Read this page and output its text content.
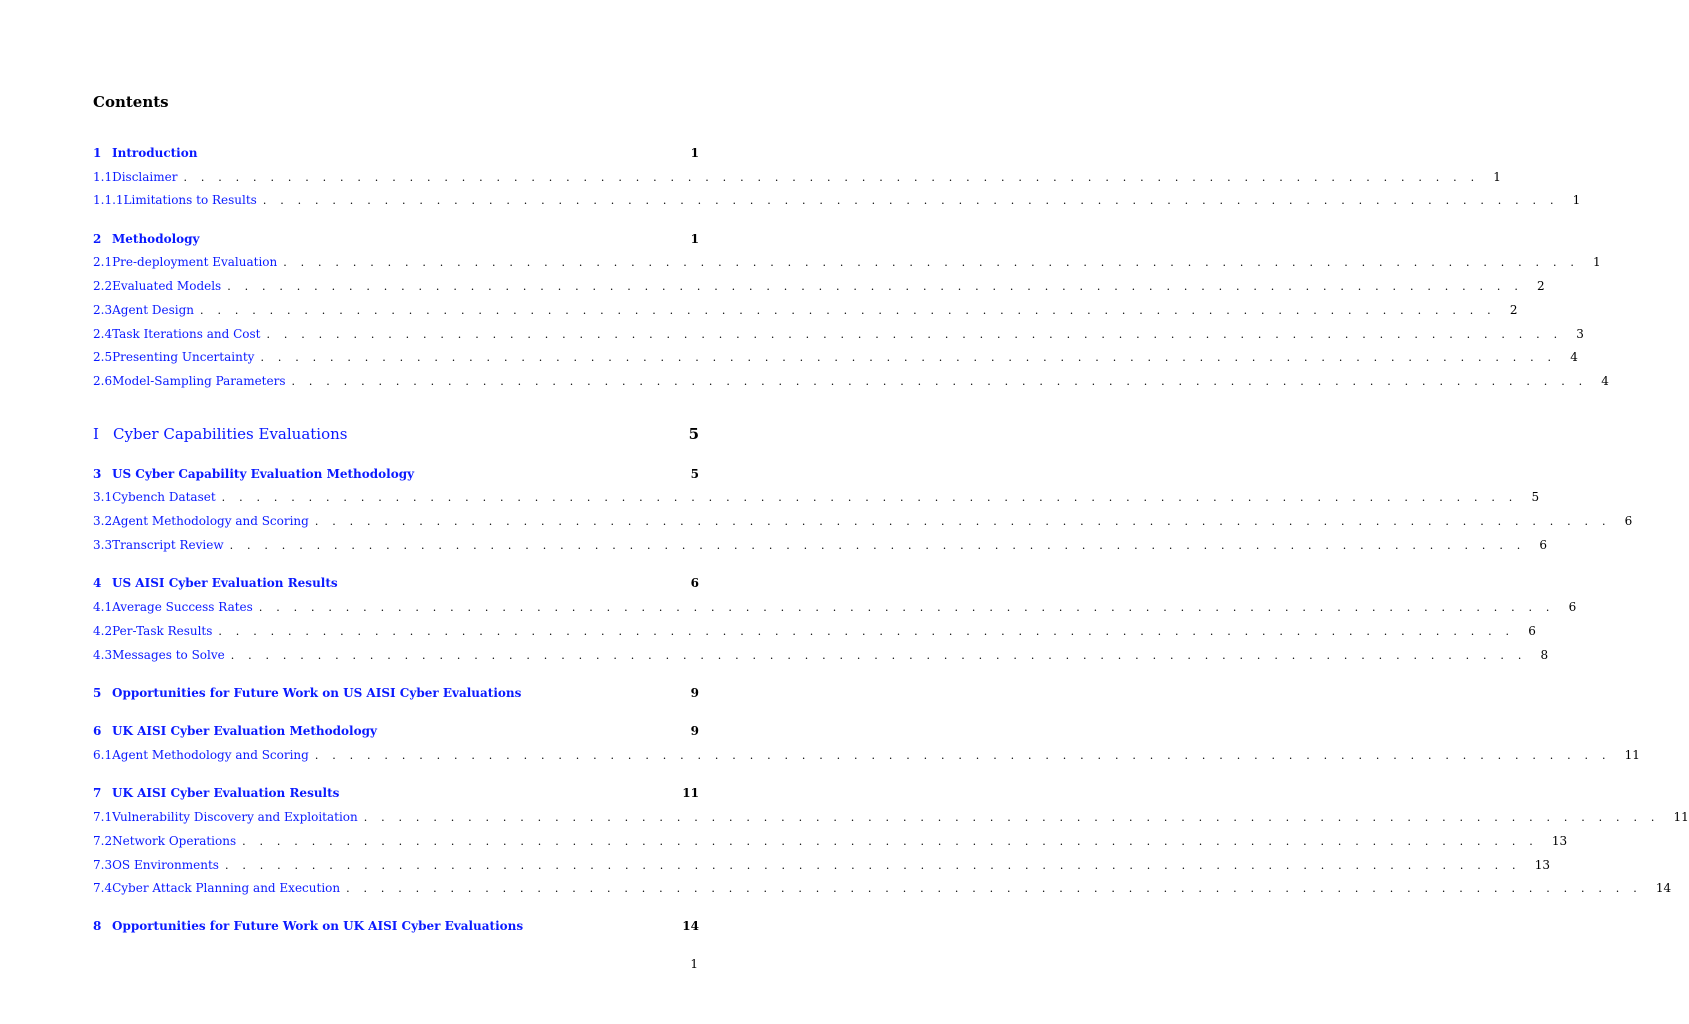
Contents
1 Introduction	1
1.1 Disclaimer . . . . . . . . . . . . . . . . . . . . . . . . . . . . . . . . . . . . . . . . . . . . . . . . . . . . . . . . . . . . . . . . . . . . . . . . . . . 1
1.1.1 Limitations to Results . . . . . . . . . . . . . . . . . . . . . . . . . . . . . . . . . . . . . . . . . . . . . . . . . . . . . . . . . . . . . . . . . . . . . . . . . . . 1
2 Methodology	1
2.1 Pre-deployment Evaluation . . . . . . . . . . . . . . . . . . . . . . . . . . . . . . . . . . . . . . . . . . . . . . . . . . . . . . . . . . . . . . . . . . . . . . . . . . . 1
2.2 Evaluated Models . . . . . . . . . . . . . . . . . . . . . . . . . . . . . . . . . . . . . . . . . . . . . . . . . . . . . . . . . . . . . . . . . . . . . . . . . . . 2
2.3 Agent Design . . . . . . . . . . . . . . . . . . . . . . . . . . . . . . . . . . . . . . . . . . . . . . . . . . . . . . . . . . . . . . . . . . . . . . . . . . . 2
2.4 Task Iterations and Cost . . . . . . . . . . . . . . . . . . . . . . . . . . . . . . . . . . . . . . . . . . . . . . . . . . . . . . . . . . . . . . . . . . . . . . . . . . . 3
2.5 Presenting Uncertainty . . . . . . . . . . . . . . . . . . . . . . . . . . . . . . . . . . . . . . . . . . . . . . . . . . . . . . . . . . . . . . . . . . . . . . . . . . . 4
2.6 Model-Sampling Parameters . . . . . . . . . . . . . . . . . . . . . . . . . . . . . . . . . . . . . . . . . . . . . . . . . . . . . . . . . . . . . . . . . . . . . . . . . . . 4
I Cyber Capabilities Evaluations	5
3 US Cyber Capability Evaluation Methodology	5
3.1 Cybench Dataset . . . . . . . . . . . . . . . . . . . . . . . . . . . . . . . . . . . . . . . . . . . . . . . . . . . . . . . . . . . . . . . . . . . . . . . . . . . 5
3.2 Agent Methodology and Scoring . . . . . . . . . . . . . . . . . . . . . . . . . . . . . . . . . . . . . . . . . . . . . . . . . . . . . . . . . . . . . . . . . . . . . . . . . . . 6
3.3 Transcript Review . . . . . . . . . . . . . . . . . . . . . . . . . . . . . . . . . . . . . . . . . . . . . . . . . . . . . . . . . . . . . . . . . . . . . . . . . . . 6
4 US AISI Cyber Evaluation Results	6
4.1 Average Success Rates . . . . . . . . . . . . . . . . . . . . . . . . . . . . . . . . . . . . . . . . . . . . . . . . . . . . . . . . . . . . . . . . . . . . . . . . . . . 6
4.2 Per-Task Results . . . . . . . . . . . . . . . . . . . . . . . . . . . . . . . . . . . . . . . . . . . . . . . . . . . . . . . . . . . . . . . . . . . . . . . . . . . 6
4.3 Messages to Solve . . . . . . . . . . . . . . . . . . . . . . . . . . . . . . . . . . . . . . . . . . . . . . . . . . . . . . . . . . . . . . . . . . . . . . . . . . . 8
5 Opportunities for Future Work on US AISI Cyber Evaluations	9
6 UK AISI Cyber Evaluation Methodology	9
6.1 Agent Methodology and Scoring . . . . . . . . . . . . . . . . . . . . . . . . . . . . . . . . . . . . . . . . . . . . . . . . . . . . . . . . . . . . . . . . . . . . . . . . . . . 11
7 UK AISI Cyber Evaluation Results	11
7.1 Vulnerability Discovery and Exploitation . . . . . . . . . . . . . . . . . . . . . . . . . . . . . . . . . . . . . . . . . . . . . . . . . . . . . . . . . . . . . . . . . . . . . . . . . . . 11
7.2 Network Operations . . . . . . . . . . . . . . . . . . . . . . . . . . . . . . . . . . . . . . . . . . . . . . . . . . . . . . . . . . . . . . . . . . . . . . . . . . . 13
7.3 OS Environments . . . . . . . . . . . . . . . . . . . . . . . . . . . . . . . . . . . . . . . . . . . . . . . . . . . . . . . . . . . . . . . . . . . . . . . . . . . 13
7.4 Cyber Attack Planning and Execution . . . . . . . . . . . . . . . . . . . . . . . . . . . . . . . . . . . . . . . . . . . . . . . . . . . . . . . . . . . . . . . . . . . . . . . . . . . 14
8 Opportunities for Future Work on UK AISI Cyber Evaluations	14
1
